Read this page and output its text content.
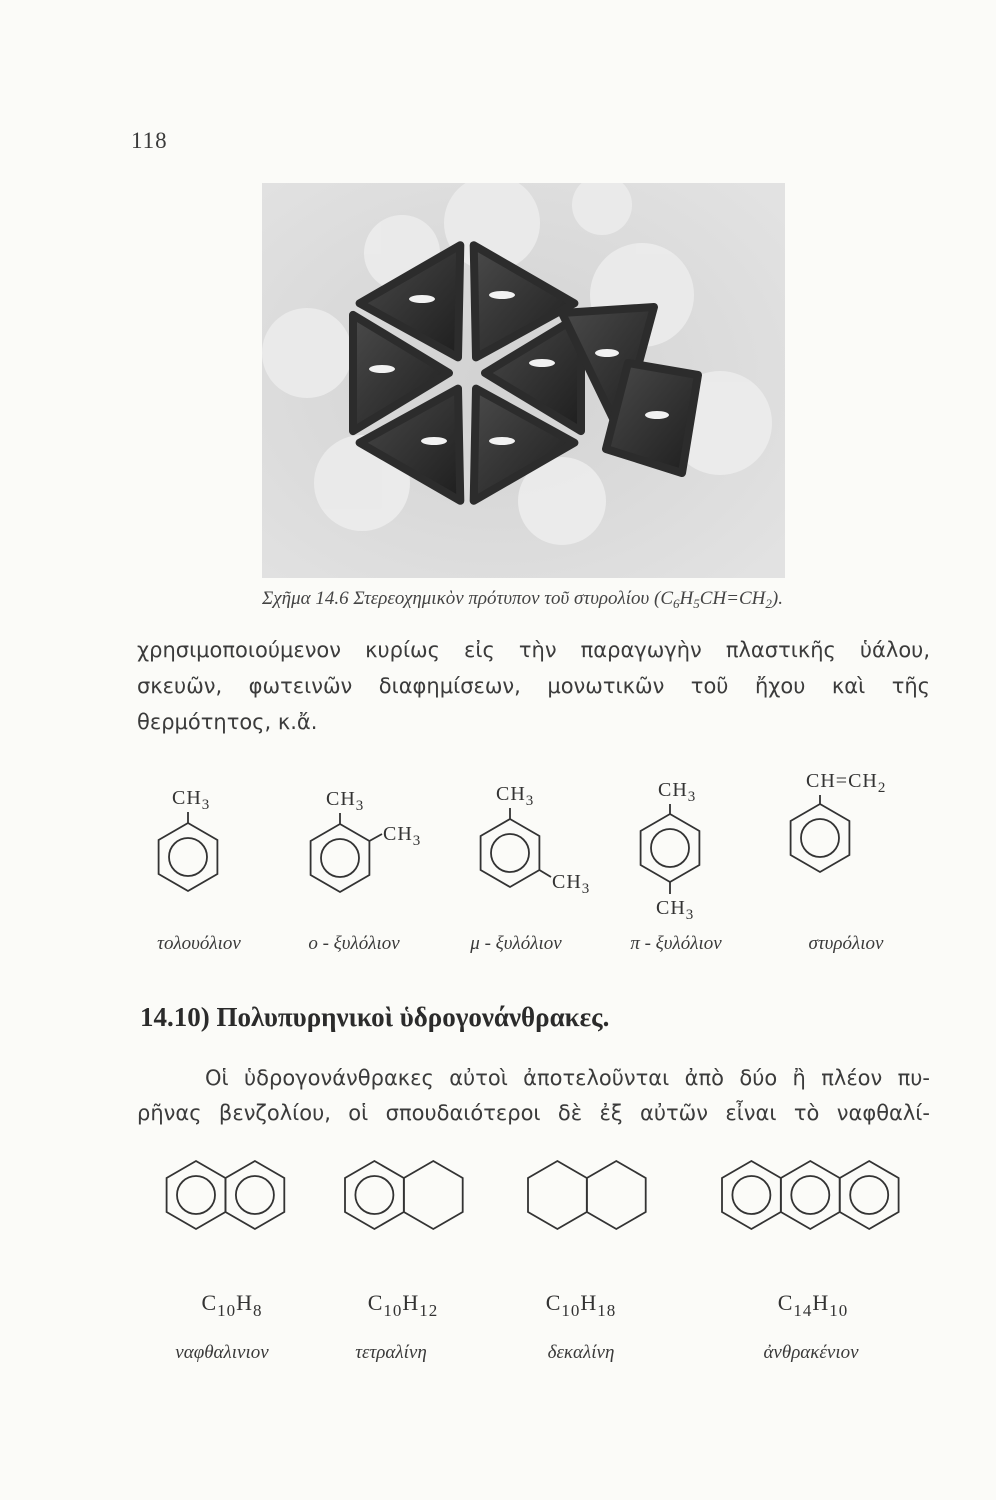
118
Σχῆμα 14.6 Στερεοχημικὸν πρότυπον τοῦ στυρολίου $(C_6H_5CH=CH_2)$.
χρησιμοποιούμενον κυρίως εἰς τὴν παραγωγὴν πλαστικῆς ὑάλου,
σκευῶν, φωτεινῶν διαφημίσεων, μονωτικῶν τοῦ ἤχου καὶ τῆς
θερμότητος, κ.ἄ.
$CH_3$	$CH_3$
$CH_3$
$CH_3$
$CH_3$
$CH_3$
$CH_3$
$CH=CH_2$
τολουόλιον	ο - ξυλόλιον	μ - ξυλόλιον	π - ξυλόλιον	στυρόλιον
14.10) Πολυπυρηνικοὶ ὑδρογονάνθρακες.
Οἱ ὑδρογονάνθρακες αὐτοὶ ἀποτελοῦνται ἀπὸ δύο ἢ πλέον πυ-
ρῆνας βενζολίου, οἱ σπουδαιότεροι δὲ ἐξ αὐτῶν εἶναι τὸ ναφθαλί-
$C_{10}H_8$	$C_{10}H_{12}$	$C_{10}H_{18}$	$C_{14}H_{10}$
ναφθαλινιον	τετραλίνη	δεκαλίνη	ἀνθρακένιον
